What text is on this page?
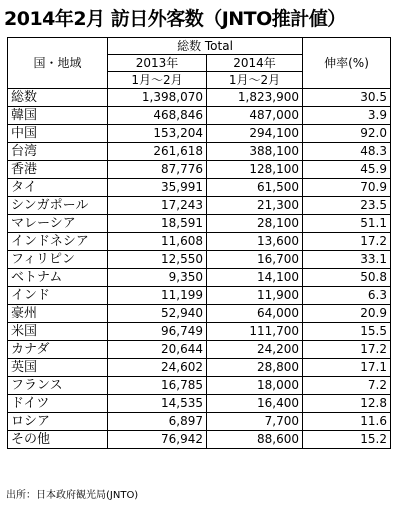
2014年2月 訪日外客数（JNTO推計値）
国・地域	総数 Total		伸率(%)
	2013年	2014年	
	1月～2月	1月～2月	
総数	1,398,070	1,823,900	30.5
韓国	468,846	487,000	3.9
中国	153,204	294,100	92.0
台湾	261,618	388,100	48.3
香港	87,776	128,100	45.9
タイ	35,991	61,500	70.9
シンガポール	17,243	21,300	23.5
マレーシア	18,591	28,100	51.1
インドネシア	11,608	13,600	17.2
フィリピン	12,550	16,700	33.1
ベトナム	9,350	14,100	50.8
インド	11,199	11,900	6.3
豪州	52,940	64,000	20.9
米国	96,749	111,700	15.5
カナダ	20,644	24,200	17.2
英国	24,602	28,800	17.1
フランス	16,785	18,000	7.2
ドイツ	14,535	16,400	12.8
ロシア	6,897	7,700	11.6
その他	76,942	88,600	15.2
出所：日本政府観光局(JNTO)
